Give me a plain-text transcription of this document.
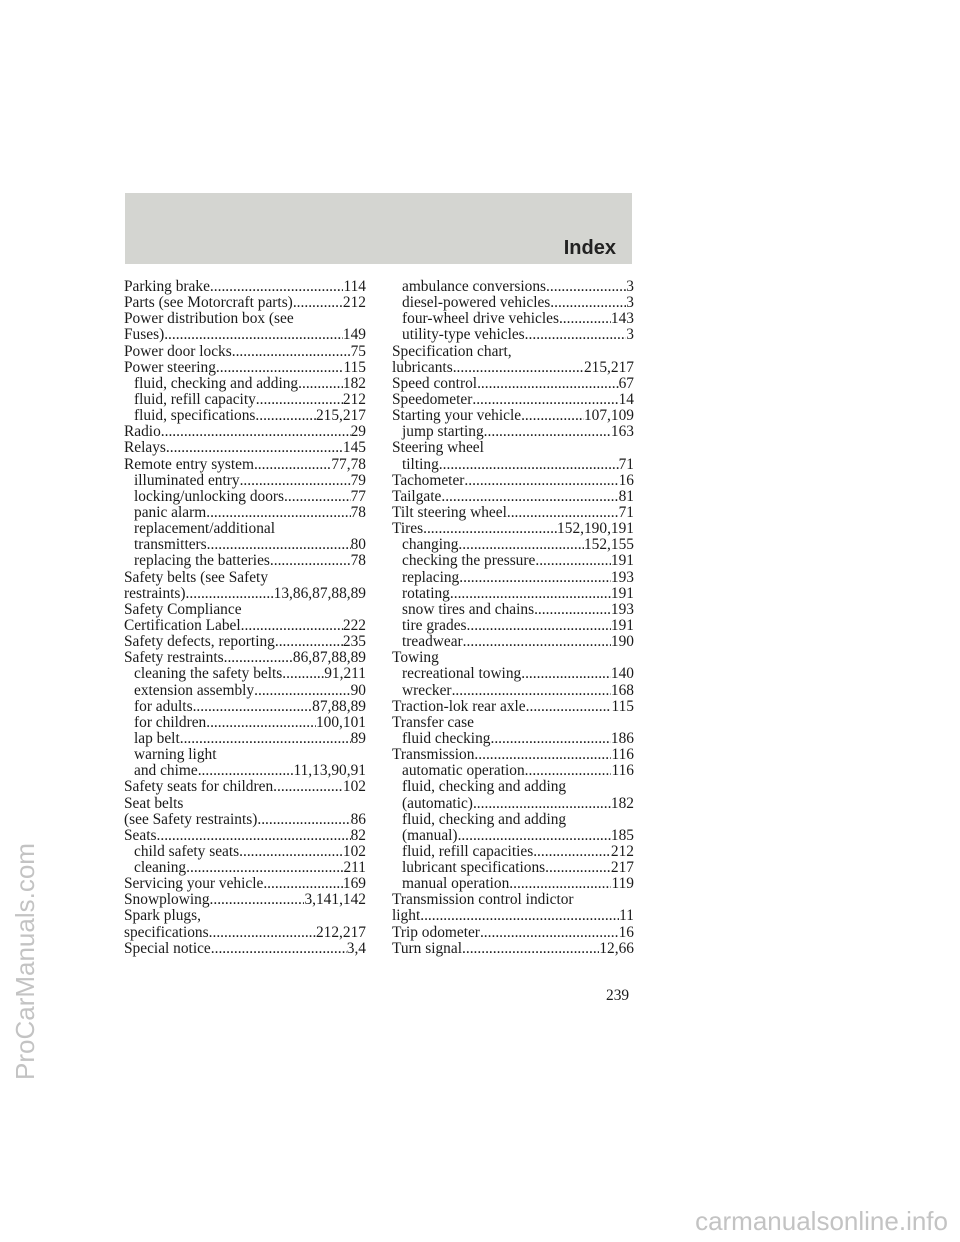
Index
Parking brake .....	114
Parts (see Motorcraft parts) .....	212
Power distribution box (see
Fuses) .....	149
Power door locks .....	75
Power steering .....	115
fluid, checking and adding .....	182
fluid, refill capacity .....	212
fluid, specifications .....	215,217
Radio .....	29
Relays .....	145
Remote entry system .....	77,78
illuminated entry .....	79
locking/unlocking doors .....	77
panic alarm .....	78
replacement/additional
transmitters .....	80
replacing the batteries .....	78
Safety belts (see Safety
restraints) .....	13,86,87,88,89
Safety Compliance
Certification Label .....	222
Safety defects, reporting .....	235
Safety restraints .....	86,87,88,89
cleaning the safety belts .....	91,211
extension assembly .....	90
for adults .....	87,88,89
for children .....	100,101
lap belt .....	89
warning light
and chime .....	11,13,90,91
Safety seats for children .....	102
Seat belts
(see Safety restraints) .....	86
Seats .....	82
child safety seats .....	102
cleaning .....	211
Servicing your vehicle .....	169
Snowplowing .....	3,141,142
Spark plugs,
specifications .....	212,217
Special notice .....	3,4
ambulance conversions .....	3
diesel-powered vehicles .....	3
four-wheel drive vehicles .....	143
utility-type vehicles .....	3
Specification chart,
lubricants .....	215,217
Speed control .....	67
Speedometer .....	14
Starting your vehicle .....	107,109
jump starting .....	163
Steering wheel
tilting .....	71
Tachometer .....	16
Tailgate .....	81
Tilt steering wheel .....	71
Tires .....	152,190,191
changing .....	152,155
checking the pressure .....	191
replacing .....	193
rotating .....	191
snow tires and chains .....	193
tire grades .....	191
treadwear .....	190
Towing
recreational towing .....	140
wrecker .....	168
Traction-lok rear axle .....	115
Transfer case
fluid checking .....	186
Transmission .....	116
automatic operation .....	116
fluid, checking and adding
(automatic) .....	182
fluid, checking and adding
(manual) .....	185
fluid, refill capacities .....	212
lubricant specifications .....	217
manual operation .....	119
Transmission control indictor
light .....	11
Trip odometer .....	16
Turn signal .....	12,66
239
ProCarManuals.com
carmanualsonline.info
